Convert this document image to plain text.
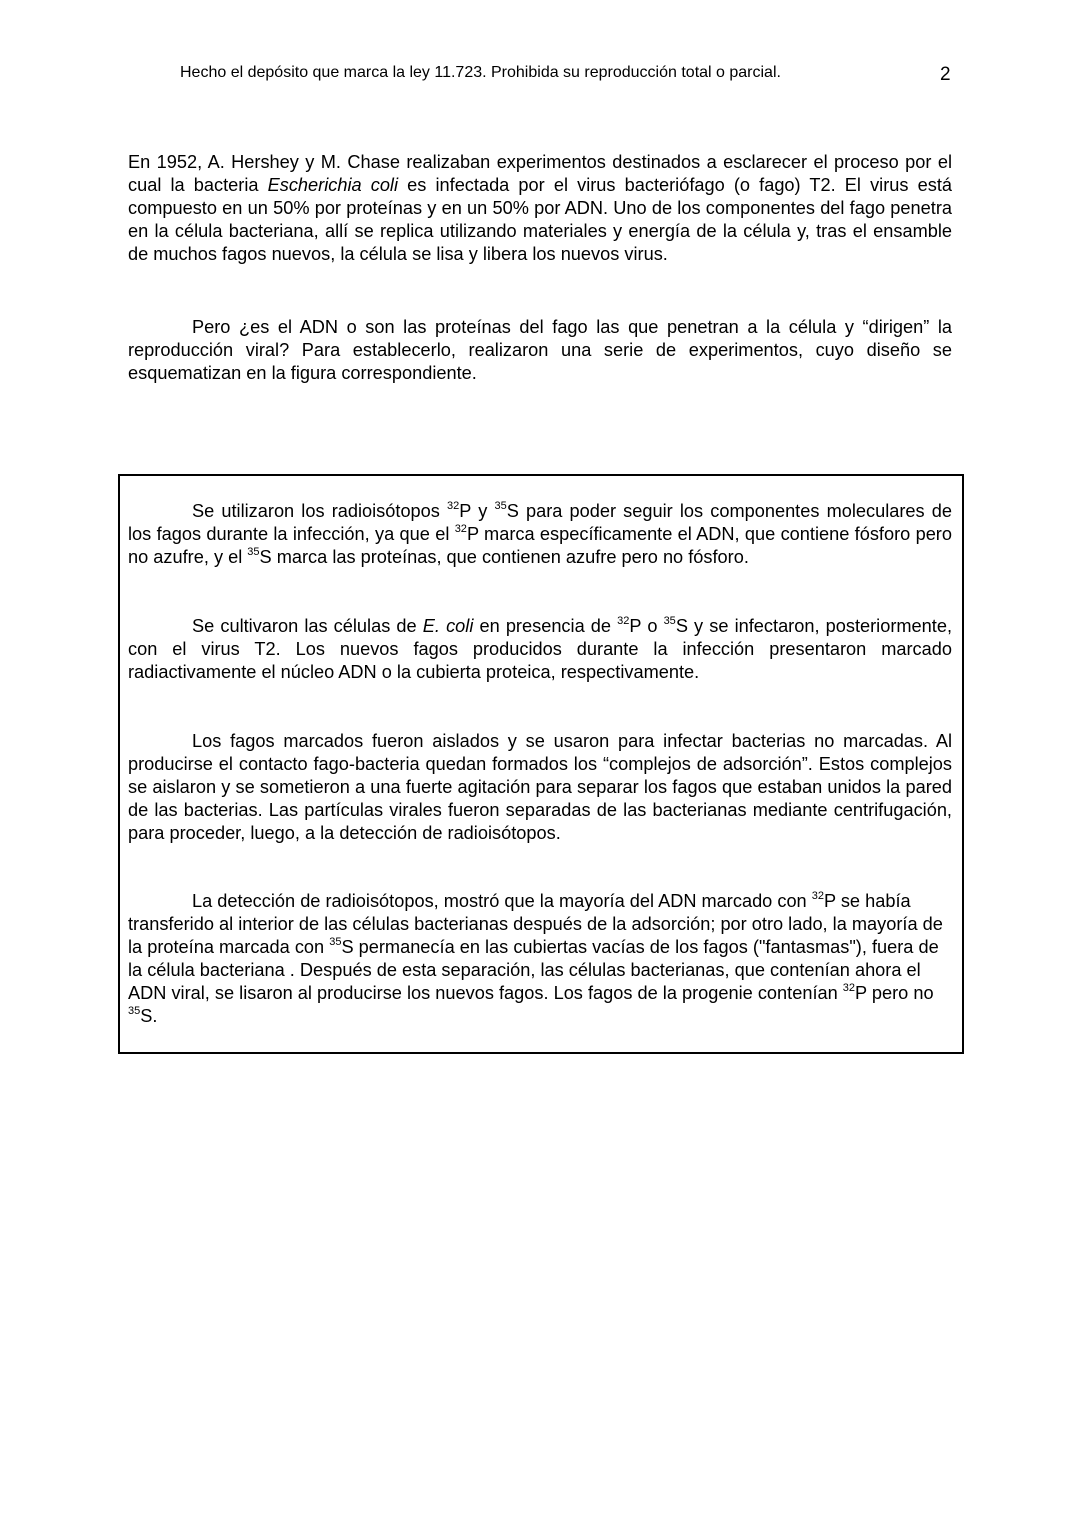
Hecho el depósito que marca la ley 11.723. Prohibida su reproducción total o parcial.	2

En 1952, A. Hershey y M. Chase realizaban experimentos destinados a esclarecer el proceso por el cual la bacteria Escherichia coli es infectada por el virus bacteriófago (o fago) T2. El virus está compuesto en un 50% por proteínas y en un 50% por ADN. Uno de los componentes del fago penetra en la célula bacteriana, allí se replica utilizando materiales y energía de la célula y, tras el ensamble de muchos fagos nuevos, la célula se lisa y libera los nuevos virus.

Pero ¿es el ADN o son las proteínas del fago las que penetran a la célula y “dirigen” la reproducción viral? Para establecerlo, realizaron una serie de experimentos, cuyo diseño se esquematizan en la figura correspondiente.

Se utilizaron los radioisótopos $^{32}$P y $^{35}$S para poder seguir los componentes moleculares de los fagos durante la infección, ya que el $^{32}$P marca específicamente el ADN, que contiene fósforo pero no azufre, y el $^{35}$S marca las proteínas, que contienen azufre pero no fósforo.

Se cultivaron las células de E. coli en presencia de $^{32}$P o $^{35}$S y se infectaron, posteriormente, con el virus T2. Los nuevos fagos producidos durante la infección presentaron marcado radiactivamente el núcleo ADN o la cubierta proteica, respectivamente.

Los fagos marcados fueron aislados y se usaron para infectar bacterias no marcadas. Al producirse el contacto fago-bacteria quedan formados los “complejos de adsorción”. Estos complejos se aislaron y se sometieron a una fuerte agitación para separar los fagos que estaban unidos la pared de las bacterias. Las partículas virales fueron separadas de las bacterianas mediante centrifugación, para proceder, luego, a la detección de radioisótopos.

La detección de radioisótopos, mostró que la mayoría del ADN marcado con $^{32}$P se había transferido al interior de las células bacterianas después de la adsorción; por otro lado, la mayoría de la proteína marcada con $^{35}$S permanecía en las cubiertas vacías de los fagos ("fantasmas"), fuera de la célula bacteriana . Después de esta separación, las células bacterianas, que contenían ahora el ADN viral, se lisaron al producirse los nuevos fagos. Los fagos de la progenie contenían $^{32}$P pero no $^{35}$S.
